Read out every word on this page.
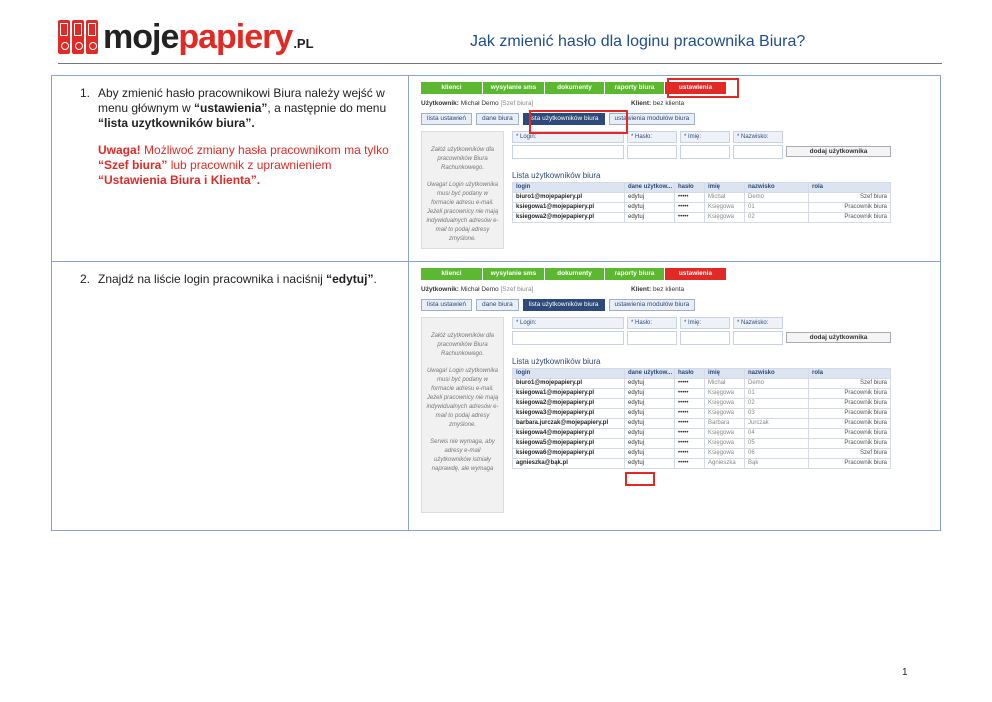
mojepapiery.PL	Jak zmienić hasło dla loginu pracownika Biura?
1. Aby zmienić hasło pracownikowi Biura należy wejść w menu głównym w “ustawienia”, a następnie do menu “lista uzytkowników biura”.
Uwaga! Możliwoć zmiany hasła pracownikom ma tylko “Szef biura” lub pracownik z uprawnieniem “Ustawienia Biura i Klienta”.
klienci	wysyłanie sms	dokumenty	raporty biura	ustawienia
Użytkownik: Michał Demo [Szef biura]	Klient: bez klienta
lista ustawień	dane biura	lista użytkowników biura	ustawienia modułów biura

Załóż użytkowników dla pracowników Biura Rachunkowego.

Uwaga! Login użytkownika musi być podany w formacie adresu e-mail. Jeżeli pracownicy nie mają indywidualnych adresów e-mail to podaj adresy zmyślone.

* Login:	* Hasło:	* Imię:	* Nazwisko:
dodaj użytkownika
Lista użytkowników biura
login	dane użytkow...	hasło	imię	nazwisko	rola
biuro1@mojepapiery.pl	edytuj	•••••	Michał	Demo	Szef biura
ksiegowa1@mojepapiery.pl	edytuj	•••••	Księgowa	01	Pracownik biura
ksiegowa2@mojepapiery.pl	edytuj	•••••	Księgowa	02	Pracownik biura
2. Znajdź na liście login pracownika i naciśnij “edytuj”.	klienci	wysyłanie sms	dokumenty	raporty biura	ustawienia
Użytkownik: Michał Demo [Szef biura]	Klient: bez klienta
lista ustawień	dane biura	lista użytkowników biura	ustawienia modułów biura

Załóż użytkowników dla pracowników Biura Rachunkowego.

Uwaga! Login użytkownika musi być podany w formacie adresu e-mail. Jeżeli pracownicy nie mają indywidualnych adresów e-mail to podaj adresy zmyślone.

Serwis nie wymaga, aby adresy e-mail użytkowników istniały naprawdę, ale wymaga

* Login:	* Hasło:	* Imię:	* Nazwisko:
dodaj użytkownika
Lista użytkowników biura
login	dane użytkow...	hasło	imię	nazwisko	rola
biuro1@mojepapiery.pl	edytuj	•••••	Michał	Demo	Szef biura
ksiegowa1@mojepapiery.pl	edytuj	•••••	Księgowa	01	Pracownik biura
ksiegowa2@mojepapiery.pl	edytuj	•••••	Księgowa	02	Pracownik biura
ksiegowa3@mojepapiery.pl	edytuj	•••••	Księgowa	03	Pracownik biura
barbara.jurczak@mojepapiery.pl	edytuj	•••••	Barbara	Jurczak	Pracownik biura
ksiegowa4@mojepapiery.pl	edytuj	•••••	Księgowa	04	Pracownik biura
ksiegowa5@mojepapiery.pl	edytuj	•••••	Księgowa	05	Pracownik biura
ksiegowa6@mojepapiery.pl	edytuj	•••••	Księgowa	06	Szef biura
agnieszka@bąk.pl	edytuj	•••••	Agnieszka	Bąk	Pracownik biura
1
